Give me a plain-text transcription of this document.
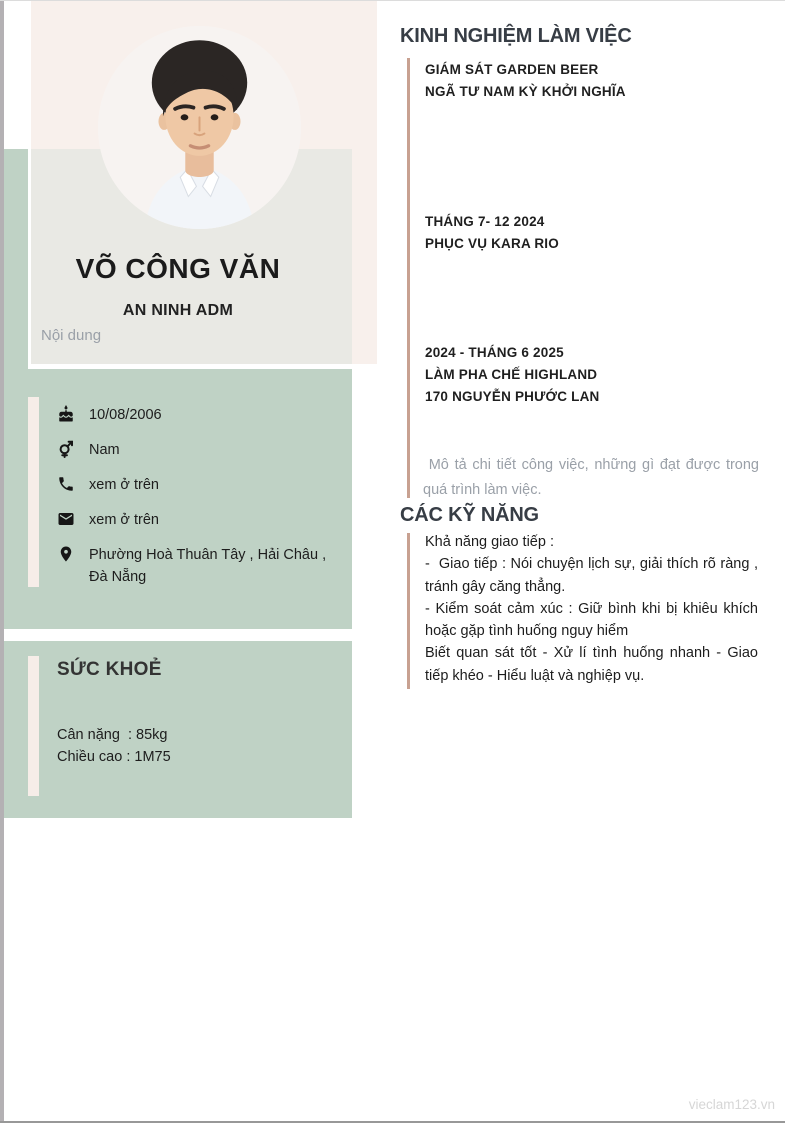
VÕ CÔNG VĂN
AN NINH ADM
Nội dung
10/08/2006
Nam
xem ở trên
xem ở trên
Phường Hoà Thuân Tây , Hải Châu , Đà Nẵng
SỨC KHOẺ
Cân nặng  : 85kg
Chiều cao : 1M75
KINH NGHIỆM LÀM VIỆC
GIÁM SÁT GARDEN BEER
NGÃ TƯ NAM KỲ KHỞI NGHĨA
THÁNG 7- 12 2024
PHỤC VỤ KARA RIO
2024 - THÁNG 6 2025
LÀM PHA CHẾ HIGHLAND
170 NGUYỄN PHƯỚC LAN
Mô tả chi tiết công việc, những gì đạt được trong quá trình làm việc.
CÁC KỸ NĂNG

Khả năng giao tiếp :

-  Giao tiếp : Nói chuyện lịch sự, giải thích rõ ràng , tránh gây căng thẳng.

- Kiểm soát cảm xúc : Giữ bình khi bị khiêu khích hoặc gặp tình huống nguy hiểm

Biết quan sát tốt - Xử lí tình huống nhanh - Giao tiếp khéo - Hiểu luật và nghiệp vụ.

vieclam123.vn
